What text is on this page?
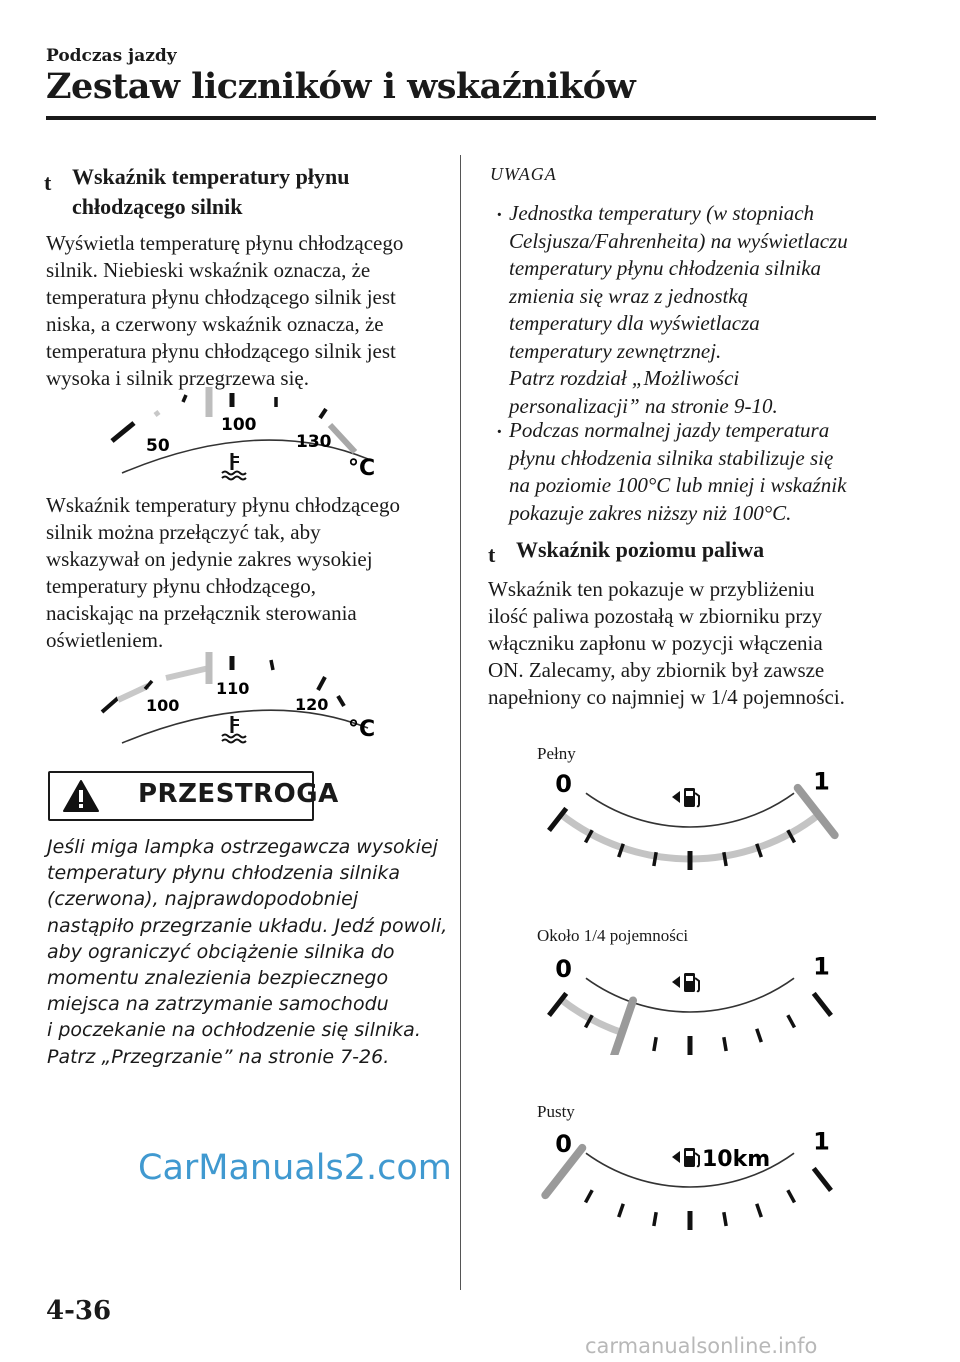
Podczas jazdy
Zestaw liczników i wskaźników
t Wskaźnik temperatury płynu
chłodzącego silnik
Wyświetla temperaturę płynu chłodzącego
silnik. Niebieski wskaźnik oznacza, że
temperatura płynu chłodzącego silnik jest
niska, a czerwony wskaźnik oznacza, że
temperatura płynu chłodzącego silnik jest
wysoka i silnik przegrzewa się.
50
100
130
°C
Wskaźnik temperatury płynu chłodzącego
silnik można przełączyć tak, aby
wskazywał on jedynie zakres wysokiej
temperatury płynu chłodzącego,
naciskając na przełącznik sterowania
oświetleniem.
100
110
120
°C
PRZESTROGA
Jeśli miga lampka ostrzegawcza wysokiej
temperatury płynu chłodzenia silnika
(czerwona), najprawdopodobniej
nastąpiło przegrzanie układu. Jedź powoli,
aby ograniczyć obciążenie silnika do
momentu znalezienia bezpiecznego
miejsca na zatrzymanie samochodu
i poczekanie na ochłodzenie się silnika.
Patrz „Przegrzanie” na stronie 7-26.
UWAGA
· Jednostka temperatury (w stopniach
Celsjusza/Fahrenheita) na wyświetlaczu
temperatury płynu chłodzenia silnika
zmienia się wraz z jednostką
temperatury dla wyświetlacza
temperatury zewnętrznej.
Patrz rozdział „Możliwości
personalizacji” na stronie 9-10.
· Podczas normalnej jazdy temperatura
płynu chłodzenia silnika stabilizuje się
na poziomie 100°C lub mniej i wskaźnik
pokazuje zakres niższy niż 100°C.
t Wskaźnik poziomu paliwa
Wskaźnik ten pokazuje w przybliżeniu
ilość paliwa pozostałą w zbiorniku przy
włączniku zapłonu w pozycji włączenia
ON. Zalecamy, aby zbiornik był zawsze
napełniony co najmniej w 1/4 pojemności.
Pełny
0	1
Około 1/4 pojemności
0	1
Pusty
0	1
10km
4-36
CarManuals2.com
carmanualsonline.info
